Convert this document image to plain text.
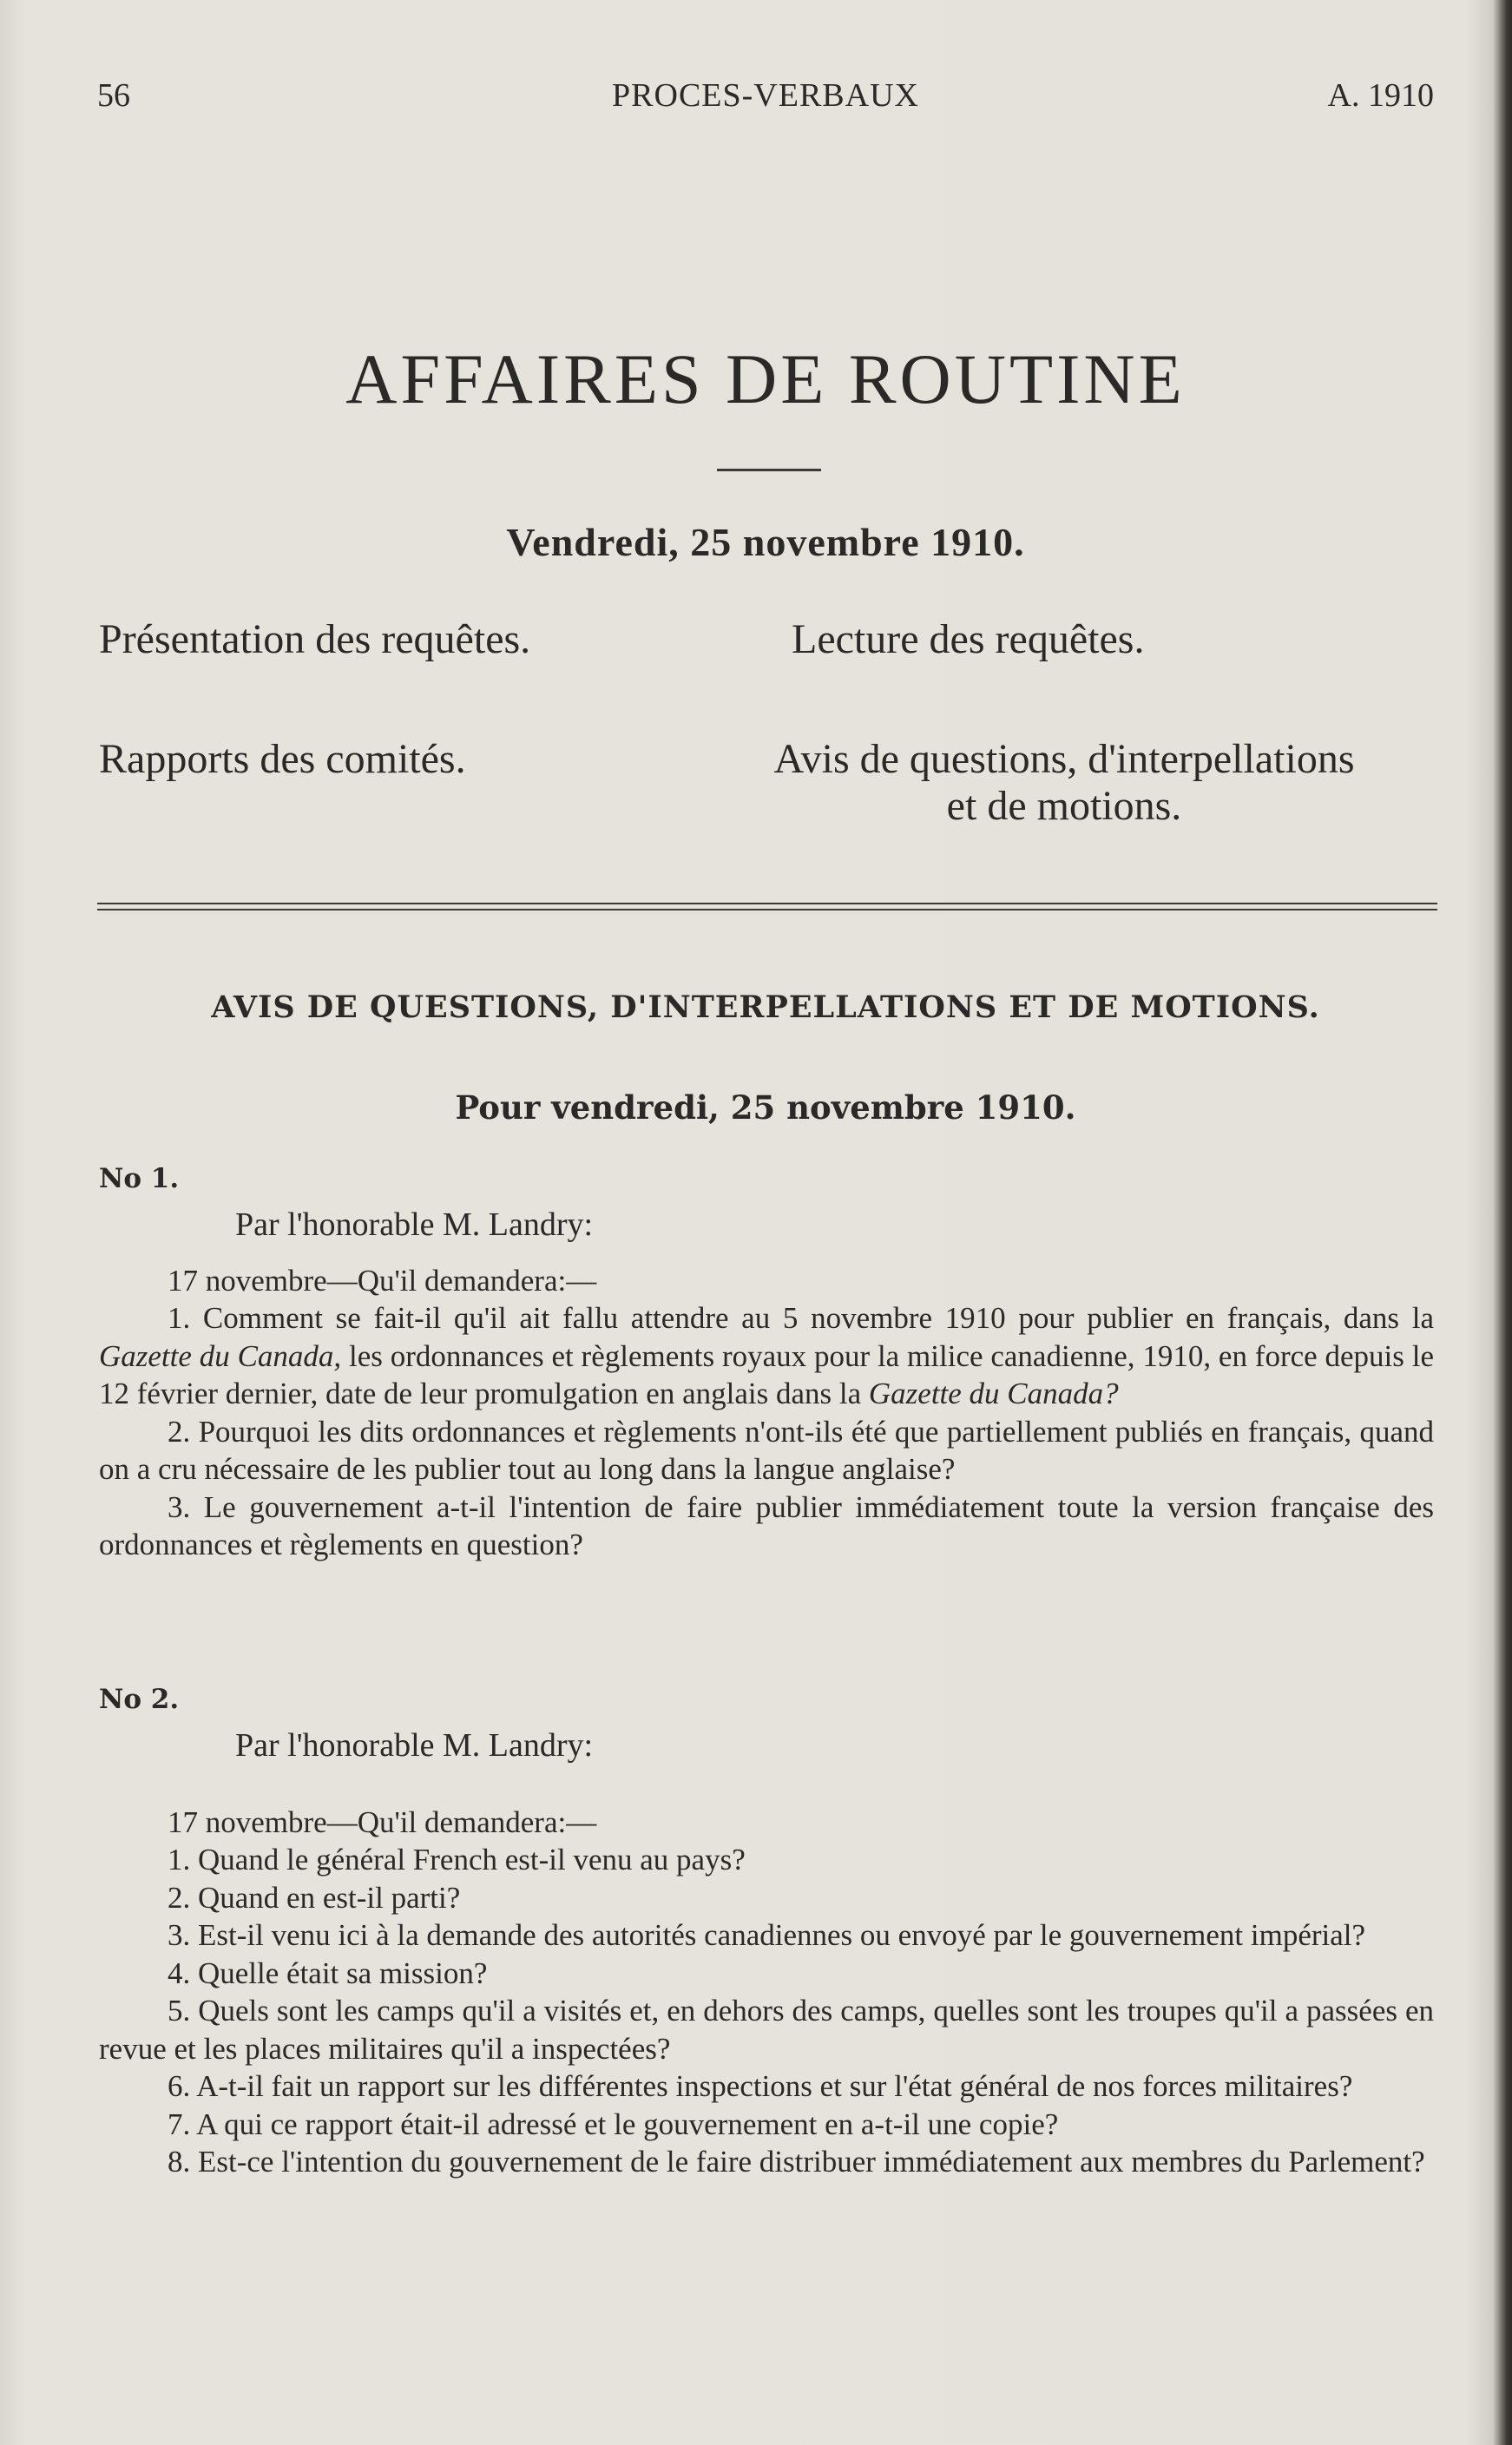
56	PROCES-VERBAUX	A. 1910
AFFAIRES DE ROUTINE
Vendredi, 25 novembre 1910.
Présentation des requêtes.	Lecture des requêtes.
Rapports des comités.	Avis de questions, d'interpellations
et de motions.
AVIS DE QUESTIONS, D'INTERPELLATIONS ET DE MOTIONS.
Pour vendredi, 25 novembre 1910.
No 1.
Par l'honorable M. Landry:
17 novembre—Qu'il demandera:—
1. Comment se fait-il qu'il ait fallu attendre au 5 novembre 1910 pour publier en français, dans la Gazette du Canada, les ordonnances et règlements royaux pour la milice canadienne, 1910, en force depuis le 12 février dernier, date de leur promulgation en anglais dans la Gazette du Canada?
2. Pourquoi les dits ordonnances et règlements n'ont-ils été que partiellement publiés en français, quand on a cru nécessaire de les publier tout au long dans la langue anglaise?
3. Le gouvernement a-t-il l'intention de faire publier immédiatement toute la version française des ordonnances et règlements en question?
No 2.
Par l'honorable M. Landry:
17 novembre—Qu'il demandera:—
1. Quand le général French est-il venu au pays?
2. Quand en est-il parti?
3. Est-il venu ici à la demande des autorités canadiennes ou envoyé par le gouvernement impérial?
4. Quelle était sa mission?
5. Quels sont les camps qu'il a visités et, en dehors des camps, quelles sont les troupes qu'il a passées en revue et les places militaires qu'il a inspectées?
6. A-t-il fait un rapport sur les différentes inspections et sur l'état général de nos forces militaires?
7. A qui ce rapport était-il adressé et le gouvernement en a-t-il une copie?
8. Est-ce l'intention du gouvernement de le faire distribuer immédiatement aux membres du Parlement?
